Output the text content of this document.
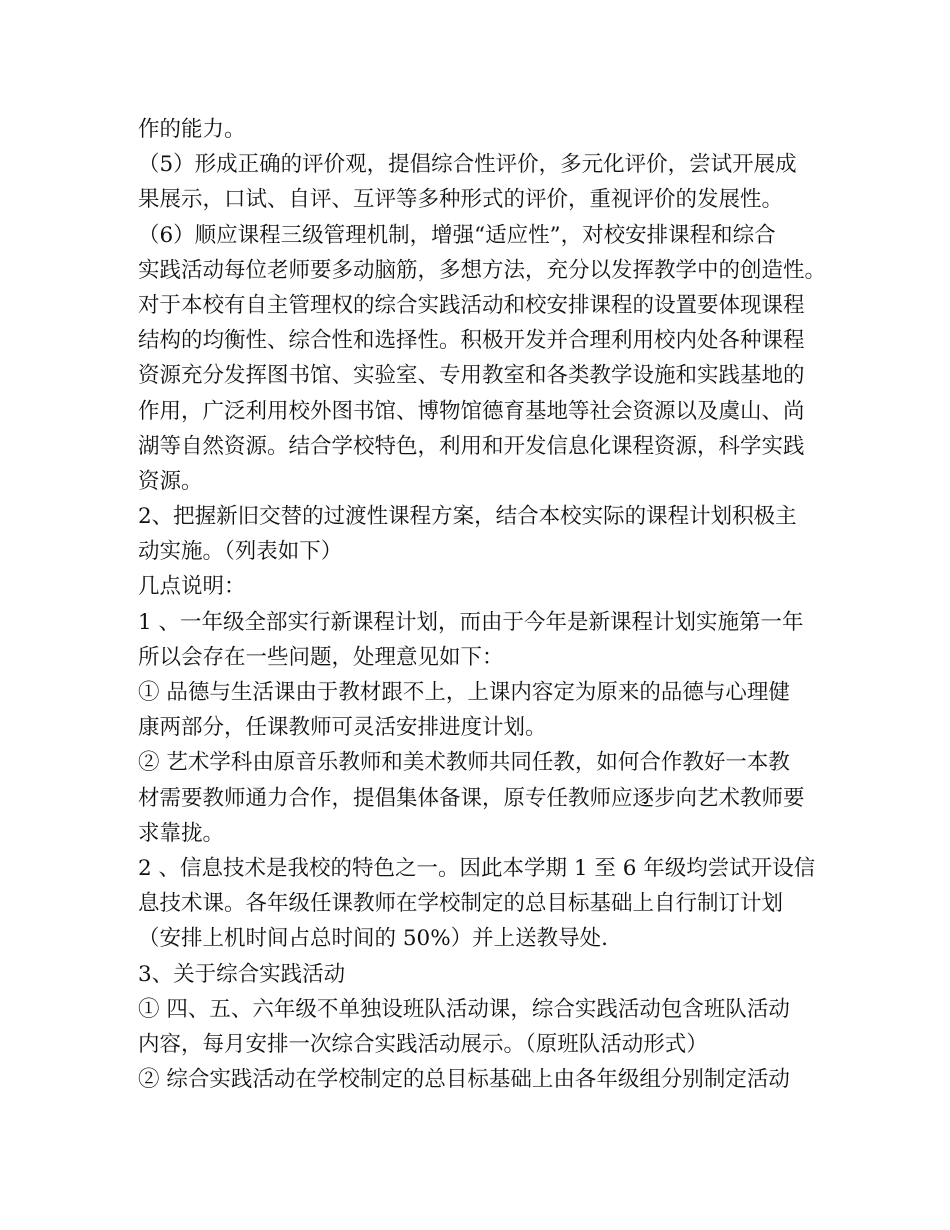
作的能力。
（5）形成正确的评价观，提倡综合性评价，多元化评价，尝试开展成
果展示，口试、自评、互评等多种形式的评价，重视评价的发展性。
（6）顺应课程三级管理机制，增强“适应性”，对校安排课程和综合
实践活动每位老师要多动脑筋，多想方法，充分以发挥教学中的创造性。
对于本校有自主管理权的综合实践活动和校安排课程的设置要体现课程
结构的均衡性、综合性和选择性。积极开发并合理利用校内处各种课程
资源充分发挥图书馆、实验室、专用教室和各类教学设施和实践基地的
作用，广泛利用校外图书馆、博物馆德育基地等社会资源以及虞山、尚
湖等自然资源。结合学校特色，利用和开发信息化课程资源，科学实践
资源。
2、把握新旧交替的过渡性课程方案，结合本校实际的课程计划积极主
动实施。（列表如下）
几点说明：
1 、一年级全部实行新课程计划，而由于今年是新课程计划实施第一年
所以会存在一些问题，处理意见如下：
① 品德与生活课由于教材跟不上，上课内容定为原来的品德与心理健
康两部分，任课教师可灵活安排进度计划。
② 艺术学科由原音乐教师和美术教师共同任教，如何合作教好一本教
材需要教师通力合作，提倡集体备课，原专任教师应逐步向艺术教师要
求靠拢。
2 、信息技术是我校的特色之一。因此本学期 1 至 6 年级均尝试开设信
息技术课。各年级任课教师在学校制定的总目标基础上自行制订计划
（安排上机时间占总时间的 50%）并上送教导处.
3、关于综合实践活动
① 四、五、六年级不单独设班队活动课，综合实践活动包含班队活动
内容，每月安排一次综合实践活动展示。（原班队活动形式）
② 综合实践活动在学校制定的总目标基础上由各年级组分别制定活动
